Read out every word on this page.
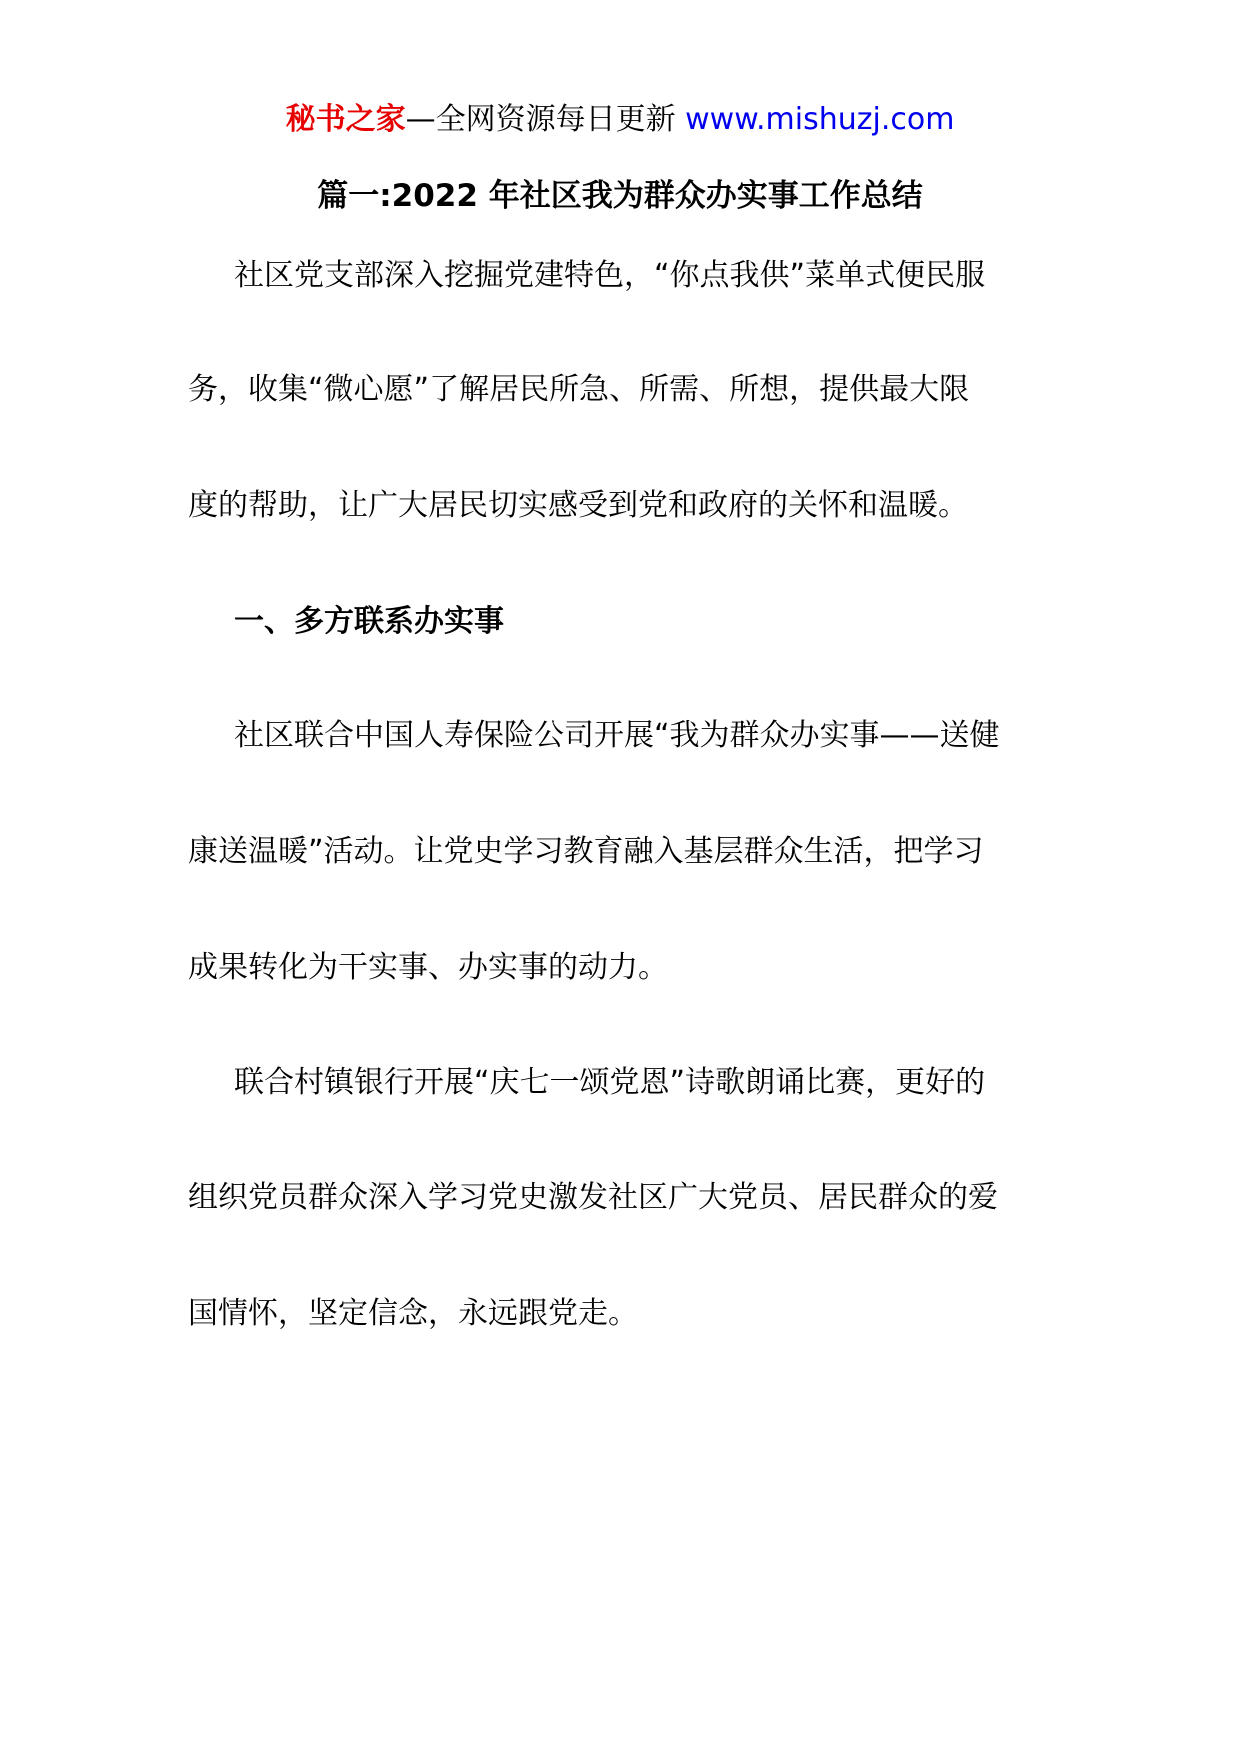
秘书之家—全网资源每日更新 www.mishuzj.com
篇一:2022 年社区我为群众办实事工作总结
社区党支部深入挖掘党建特色，“你点我供”菜单式便民服
务，收集“微心愿”了解居民所急、所需、所想，提供最大限
度的帮助，让广大居民切实感受到党和政府的关怀和温暖。
一、多方联系办实事
社区联合中国人寿保险公司开展“我为群众办实事——送健
康送温暖”活动。让党史学习教育融入基层群众生活，把学习
成果转化为干实事、办实事的动力。
联合村镇银行开展“庆七一颂党恩”诗歌朗诵比赛，更好的
组织党员群众深入学习党史激发社区广大党员、居民群众的爱
国情怀，坚定信念，永远跟党走。
